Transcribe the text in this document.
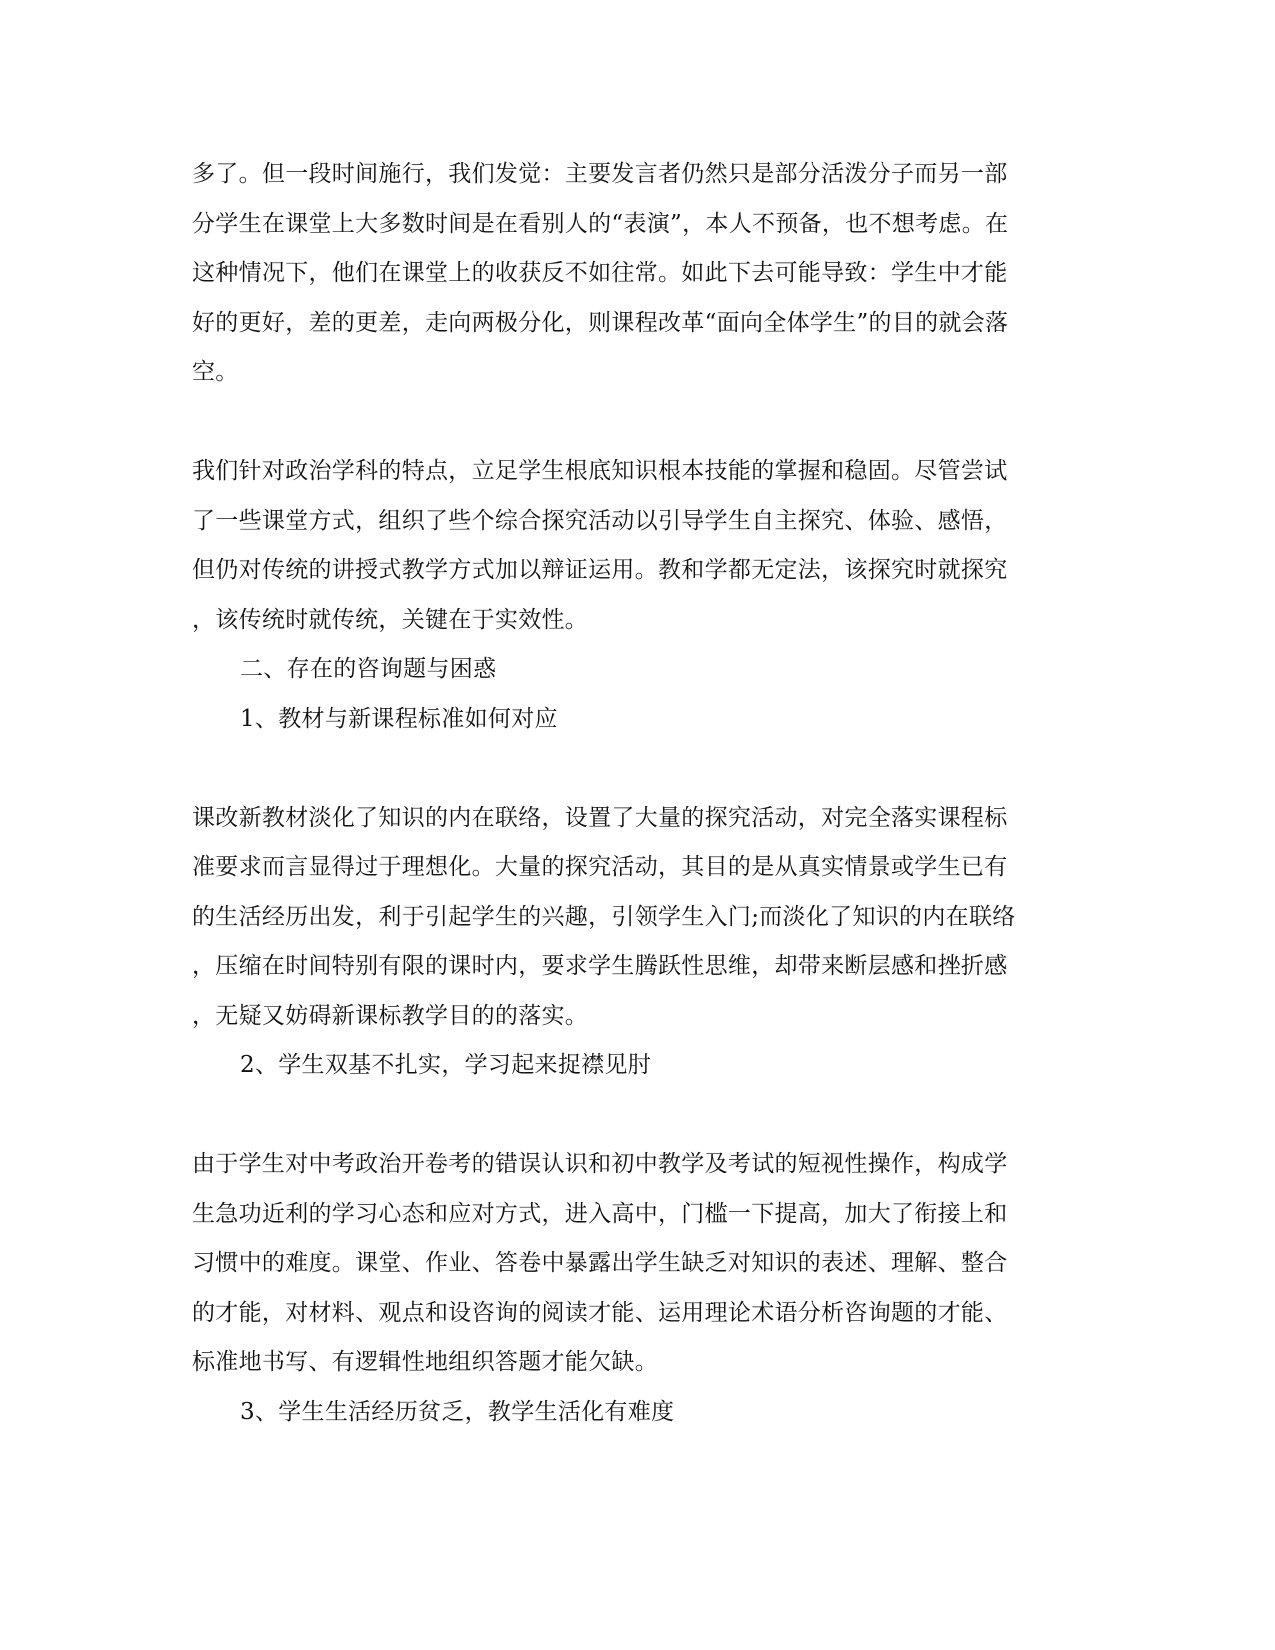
多了。但一段时间施行，我们发觉：主要发言者仍然只是部分活泼分子而另一部
分学生在课堂上大多数时间是在看别人的“表演”，本人不预备，也不想考虑。在
这种情况下，他们在课堂上的收获反不如往常。如此下去可能导致：学生中才能
好的更好，差的更差，走向两极分化，则课程改革“面向全体学生”的目的就会落
空。
我们针对政治学科的特点，立足学生根底知识根本技能的掌握和稳固。尽管尝试
了一些课堂方式，组织了些个综合探究活动以引导学生自主探究、体验、感悟，
但仍对传统的讲授式教学方式加以辩证运用。教和学都无定法，该探究时就探究
，该传统时就传统，关键在于实效性。
二、存在的咨询题与困惑
1、教材与新课程标准如何对应
课改新教材淡化了知识的内在联络，设置了大量的探究活动，对完全落实课程标
准要求而言显得过于理想化。大量的探究活动，其目的是从真实情景或学生已有
的生活经历出发，利于引起学生的兴趣，引领学生入门;而淡化了知识的内在联络
，压缩在时间特别有限的课时内，要求学生腾跃性思维，却带来断层感和挫折感
，无疑又妨碍新课标教学目的的落实。
2、学生双基不扎实，学习起来捉襟见肘
由于学生对中考政治开卷考的错误认识和初中教学及考试的短视性操作，构成学
生急功近利的学习心态和应对方式，进入高中，门槛一下提高，加大了衔接上和
习惯中的难度。课堂、作业、答卷中暴露出学生缺乏对知识的表述、理解、整合
的才能，对材料、观点和设咨询的阅读才能、运用理论术语分析咨询题的才能、
标准地书写、有逻辑性地组织答题才能欠缺。
3、学生生活经历贫乏，教学生活化有难度
